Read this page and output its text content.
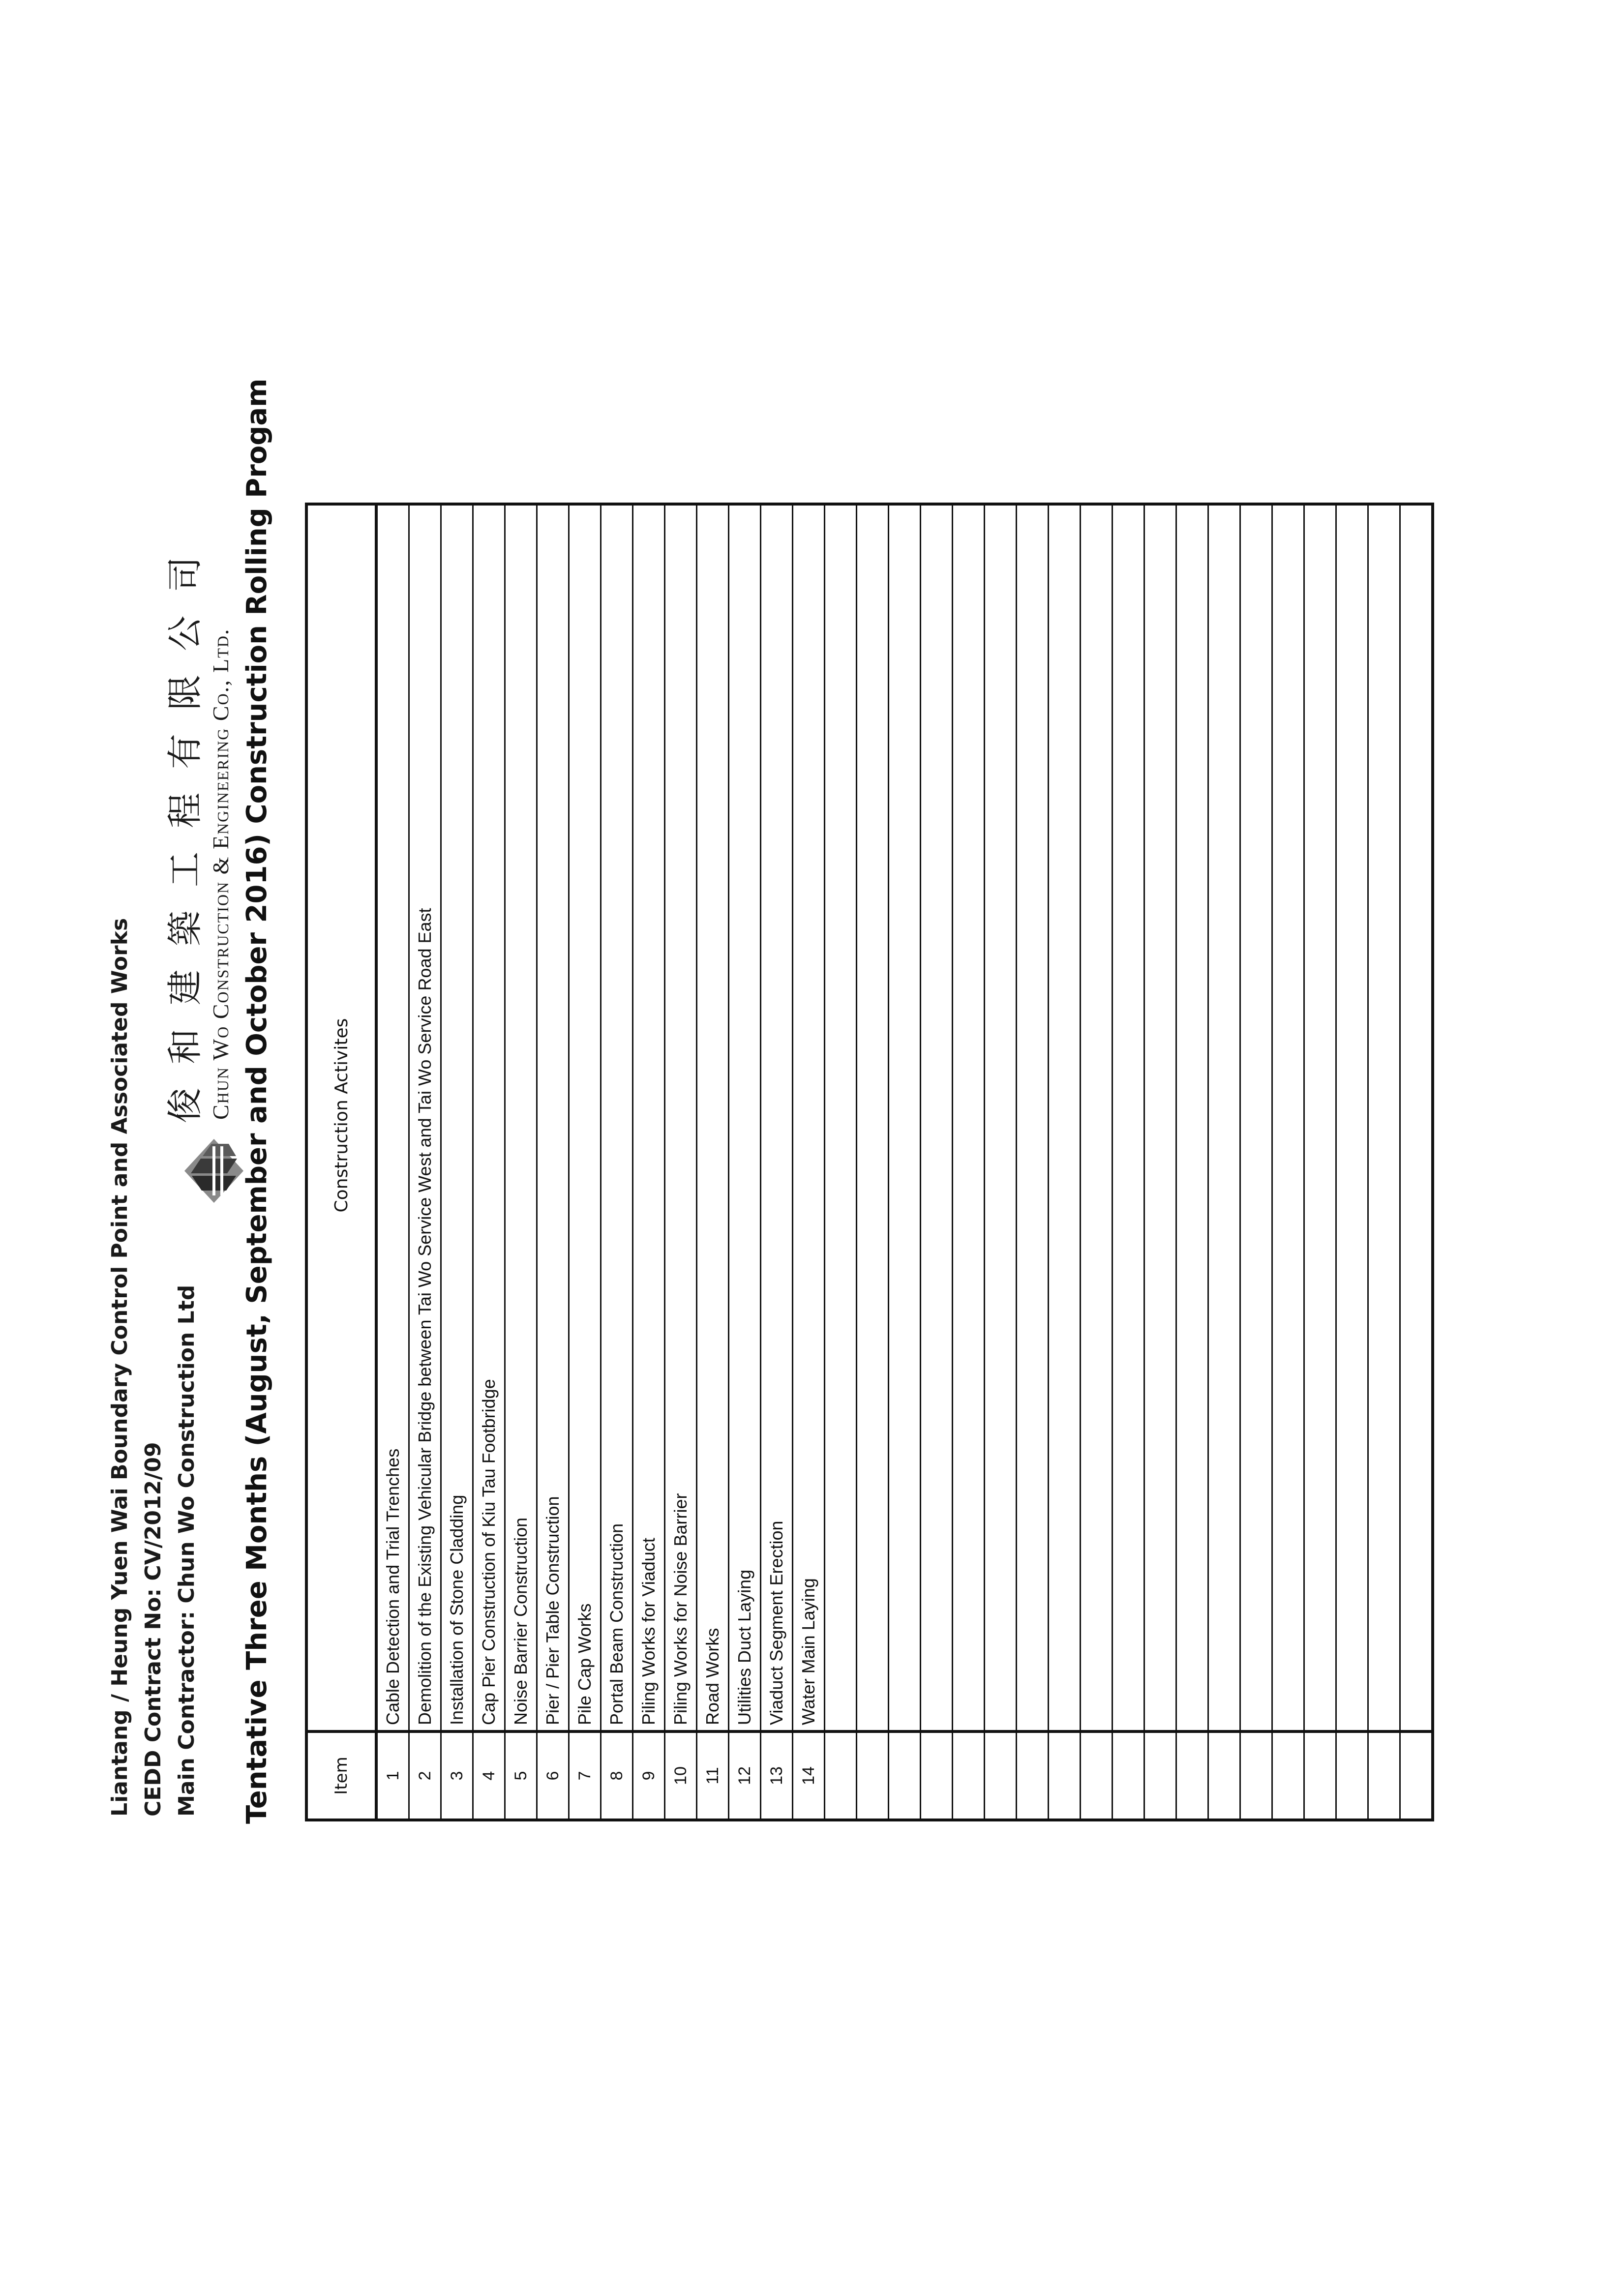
Liantang / Heung Yuen Wai Boundary Control Point and Associated Works CEDD Contract No: CV/2012/09 Main Contractor: Chun Wo Construction Ltd
俊和建築工程有限公司 Chun Wo Construction & Engineering Co., Ltd. Tentative Three Months (August, September and October 2016) Construction Rolling Progam	Item	Construction Activites
1	Cable Detection and Trial Trenches
2	Demolition of the Existing Vehicular Bridge between Tai Wo Service West and Tai Wo Service Road East
3	Installation of Stone Cladding
4	Cap Pier Construction of Kiu Tau Footbridge
5	Noise Barrier Construction
6	Pier / Pier Table Construction
7	Pile Cap Works
8	Portal Beam Construction
9	Piling Works for Viaduct
10	Piling Works for Noise Barrier
11	Road Works
12	Utilities Duct Laying
13	Viaduct Segment Erection
14	Water Main Laying
